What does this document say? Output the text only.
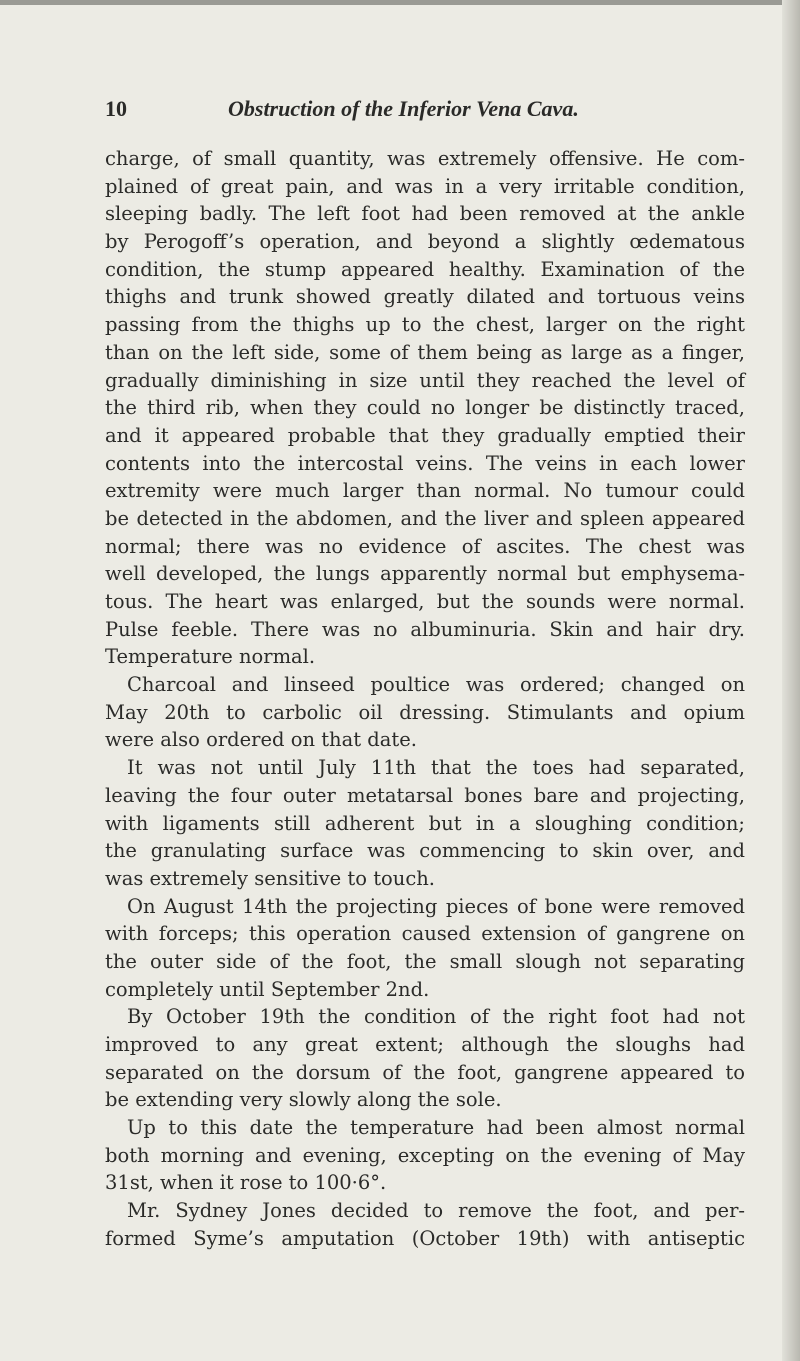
10	Obstruction of the Inferior Vena Cava.
charge, of small quantity, was extremely offensive. He com-
plained of great pain, and was in a very irritable condition,
sleeping badly. The left foot had been removed at the ankle
by Perogoff’s operation, and beyond a slightly œdematous
condition, the stump appeared healthy. Examination of the
thighs and trunk showed greatly dilated and tortuous veins
passing from the thighs up to the chest, larger on the right
than on the left side, some of them being as large as a finger,
gradually diminishing in size until they reached the level of
the third rib, when they could no longer be distinctly traced,
and it appeared probable that they gradually emptied their
contents into the intercostal veins. The veins in each lower
extremity were much larger than normal. No tumour could
be detected in the abdomen, and the liver and spleen appeared
normal; there was no evidence of ascites. The chest was
well developed, the lungs apparently normal but emphysema-
tous. The heart was enlarged, but the sounds were normal.
Pulse feeble. There was no albuminuria. Skin and hair dry.
Temperature normal.
Charcoal and linseed poultice was ordered; changed on
May 20th to carbolic oil dressing. Stimulants and opium
were also ordered on that date.
It was not until July 11th that the toes had separated,
leaving the four outer metatarsal bones bare and projecting,
with ligaments still adherent but in a sloughing condition;
the granulating surface was commencing to skin over, and
was extremely sensitive to touch.
On August 14th the projecting pieces of bone were removed
with forceps; this operation caused extension of gangrene on
the outer side of the foot, the small slough not separating
completely until September 2nd.
By October 19th the condition of the right foot had not
improved to any great extent; although the sloughs had
separated on the dorsum of the foot, gangrene appeared to
be extending very slowly along the sole.
Up to this date the temperature had been almost normal
both morning and evening, excepting on the evening of May
31st, when it rose to 100·6°.
Mr. Sydney Jones decided to remove the foot, and per-
formed Syme’s amputation (October 19th) with antiseptic
